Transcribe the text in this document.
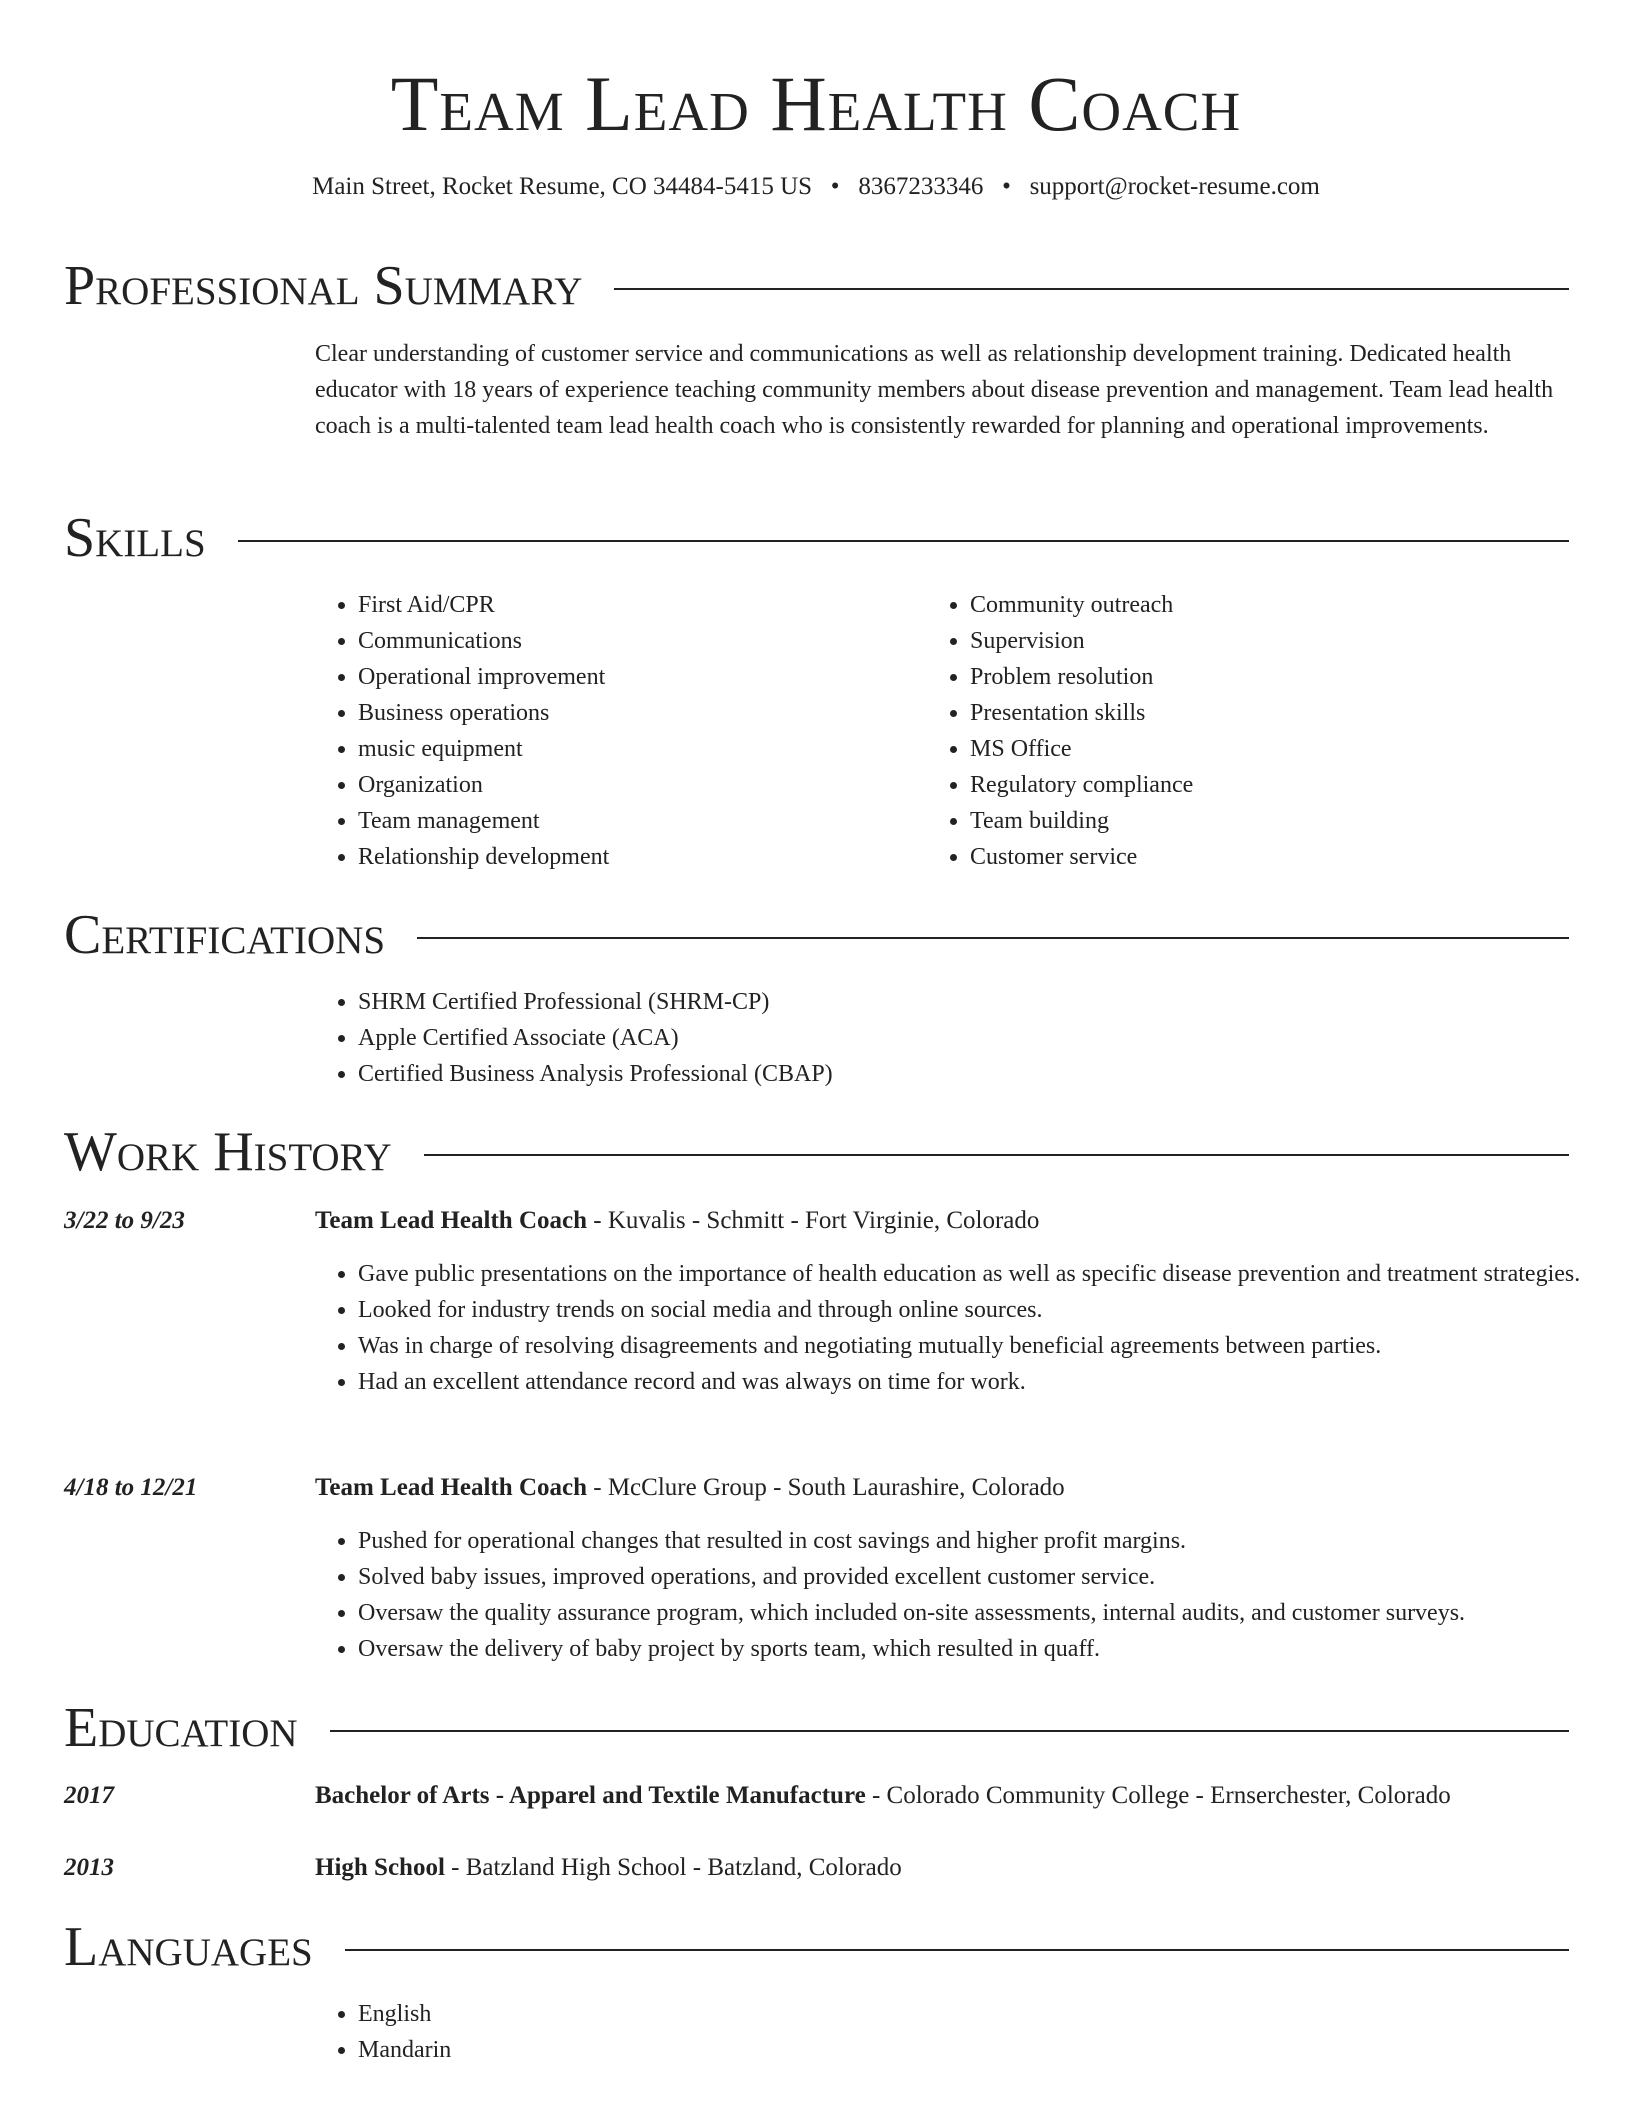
Team Lead Health Coach
Main Street, Rocket Resume, CO 34484-5415 US   •   8367233346   •   support@rocket-resume.com
Professional Summary

Clear understanding of customer service and communications as well as relationship development training. Dedicated health educator with 18 years of experience teaching community members about disease prevention and management. Team lead health coach is a multi-talented team lead health coach who is consistently rewarded for planning and operational improvements.

Skills
• First Aid/CPR
• Communications
• Operational improvement
• Business operations
• music equipment
• Organization
• Team management
• Relationship development
• Community outreach
• Supervision
• Problem resolution
• Presentation skills
• MS Office
• Regulatory compliance
• Team building
• Customer service
Certifications
• SHRM Certified Professional (SHRM-CP)
• Apple Certified Associate (ACA)
• Certified Business Analysis Professional (CBAP)
Work History
3/22 to 9/23	Team Lead Health Coach - Kuvalis - Schmitt - Fort Virginie, Colorado
• Gave public presentations on the importance of health education as well as specific disease prevention and treatment strategies.
• Looked for industry trends on social media and through online sources.
• Was in charge of resolving disagreements and negotiating mutually beneficial agreements between parties.
• Had an excellent attendance record and was always on time for work.
4/18 to 12/21	Team Lead Health Coach - McClure Group - South Laurashire, Colorado
• Pushed for operational changes that resulted in cost savings and higher profit margins.
• Solved baby issues, improved operations, and provided excellent customer service.
• Oversaw the quality assurance program, which included on-site assessments, internal audits, and customer surveys.
• Oversaw the delivery of baby project by sports team, which resulted in quaff.
Education
2017	Bachelor of Arts - Apparel and Textile Manufacture - Colorado Community College - Ernserchester, Colorado
2013	High School - Batzland High School - Batzland, Colorado
Languages
• English
• Mandarin
